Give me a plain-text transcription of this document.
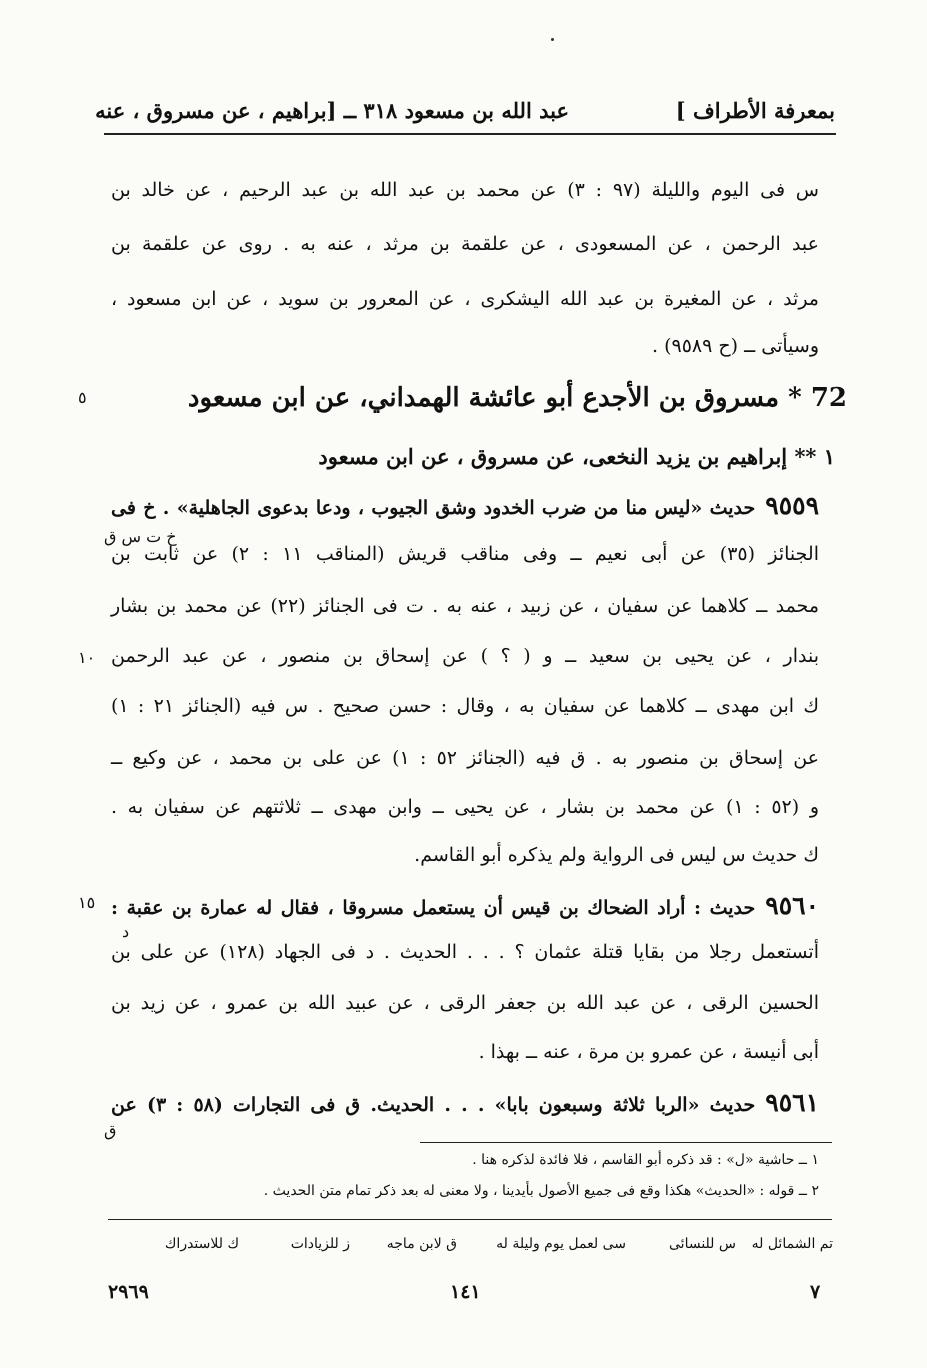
بمعرفة الأطراف ]
عبد الله بن مسعود ٣١٨ ــ [براهيم ، عن مسروق ، عنه
س فى اليوم والليلة (٩٧ : ٣) عن محمد بن عبد الله بن عبد الرحيم ، عن خالد بن
عبد الرحمن ، عن المسعودى ، عن علقمة بن مرثد ، عنه به . روى عن علقمة بن
مرثد ، عن المغيرة بن عبد الله اليشكرى ، عن المعرور بن سويد ، عن ابن مسعود ،
وسيأتى ــ (ح ٩٥٨٩) .
72 * مسروق بن الأجدع أبو عائشة الهمداني، عن ابن مسعود
٥
١ ** إبراهيم بن يزيد النخعى، عن مسروق ، عن ابن مسعود
٩٥٥٩حديث «ليس منا من ضرب الخدود وشق الجيوب ، ودعا بدعوى الجاهلية» . خ فى
خ ت س ق
الجنائز (٣٥) عن أبى نعيم ــ وفى مناقب قريش (المناقب ١١ : ٢) عن ثابت بن
محمد ــ كلاهما عن سفيان ، عن زبيد ، عنه به . ت فى الجنائز (٢٢) عن محمد بن بشار
بندار ، عن يحيى بن سعيد ــ و ( ؟ ) عن إسحاق بن منصور ، عن عبد الرحمن
١٠
ك ابن مهدى ــ كلاهما عن سفيان به ، وقال : حسن صحيح . س فيه (الجنائز ٢١ : ١)
عن إسحاق بن منصور به . ق فيه (الجنائز ٥٢ : ١) عن على بن محمد ، عن وكيع ــ
و (٥٢ : ١) عن محمد بن بشار ، عن يحيى ــ وابن مهدى ــ ثلاثتهم عن سفيان به .
ك حديث س ليس فى الرواية ولم يذكره أبو القاسم.
٩٥٦٠حديث : أراد الضحاك بن قيس أن يستعمل مسروقا ، فقال له عمارة بن عقبة :
١٥
د
أتستعمل رجلا من بقايا قتلة عثمان ؟ . . . الحديث . د فى الجهاد (١٢٨) عن على بن
الحسين الرقى ، عن عبد الله بن جعفر الرقى ، عن عبيد الله بن عمرو ، عن زيد بن
أبى أنيسة ، عن عمرو بن مرة ، عنه ــ بهذا .
٩٥٦١حديث «الربا ثلاثة وسبعون بابا» . . . الحديث. ق فى التجارات (٥٨ : ٣) عن
ق
١ ــ حاشية «ل» : قد ذكره أبو القاسم ، فلا فائدة لذكره هنا .
٢ ــ قوله : «الحديث» هكذا وقع فى جميع الأصول بأيدينا ، ولا معنى له بعد ذكر تمام متن الحديث .
تم الشمائل له
س للنسائى
سى لعمل يوم وليلة له
ق لابن ماجه
ز للزيادات
ك للاستدراك
٧
١٤١
٢٩٦٩
